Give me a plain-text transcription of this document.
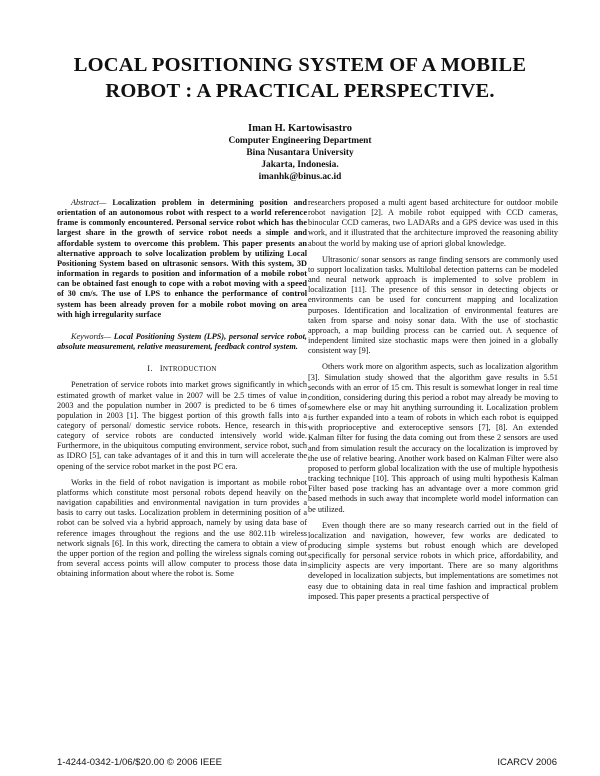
LOCAL POSITIONING SYSTEM OF A MOBILE
ROBOT : A PRACTICAL PERSPECTIVE.
Iman H. Kartowisastro
Computer Engineering Department
Bina Nusantara University
Jakarta, Indonesia.
imanhk@binus.ac.id

Abstract— Localization problem in determining position and orientation of an autonomous robot with respect to a world reference frame is commonly encountered. Personal service robot which has the largest share in the growth of service robot needs a simple and affordable system to overcome this problem. This paper presents an alternative approach to solve localization problem by utilizing Local Positioning System based on ultrasonic sensors. With this system, 3D information in regards to position and information of a mobile robot can be obtained fast enough to cope with a robot moving with a speed of 30 cm/s. The use of LPS to enhance the performance of control system has been already proven for a mobile robot moving on area with high irregularity surface

Keywords— Local Positioning System (LPS), personal service robot, absolute measurement, relative measurement, feedback control system.

I. INTRODUCTION

Penetration of service robots into market grows significantly in which estimated growth of market value in 2007 will be 2.5 times of value in 2003 and the population number in 2007 is predicted to be 6 times of population in 2003 [1]. The biggest portion of this growth falls into a category of personal/ domestic service robots. Hence, research in this category of service robots are conducted intensively world wide. Furthermore, in the ubiquitous computing environment, service robot, such as IDRO [5], can take advantages of it and this in turn will accelerate the opening of the service robot market in the post PC era.

Works in the field of robot navigation is important as mobile robot platforms which constitute most personal robots depend heavily on the navigation capabilities and environmental navigation in turn provides a basis to carry out tasks. Localization problem in determining position of a robot can be solved via a hybrid approach, namely by using data base of reference images throughout the regions and the use 802.11b wireless network signals [6]. In this work, directing the camera to obtain a view of the upper portion of the region and polling the wireless signals coming out from several access points will allow computer to process those data in obtaining information about where the robot is. Some

researchers proposed a multi agent based architecture for outdoor mobile robot navigation [2]. A mobile robot equipped with CCD cameras, binocular CCD cameras, two LADARs and a GPS device was used in this work, and it illustrated that the architecture improved the reasoning ability about the world by making use of apriori global knowledge.

Ultrasonic/ sonar sensors as range finding sensors are commonly used to support localization tasks. Multilobal detection patterns can be modeled and neural network approach is implemented to solve problem in localization [11]. The presence of this sensor in detecting objects or environments can be used for concurrent mapping and localization purposes. Identification and localization of environmental features are taken from sparse and noisy sonar data. With the use of stochastic approach, a map building process can be carried out. A sequence of independent limited size stochastic maps were then joined in a globally consistent way [9].

Others work more on algorithm aspects, such as localization algorithm [3]. Simulation study showed that the algorithm gave results in 5.51 seconds with an error of 15 cm. This result is somewhat longer in real time condition, considering during this period a robot may already be moving to somewhere else or may hit anything surrounding it. Localization problem is further expanded into a team of robots in which each robot is equipped with proprioceptive and exteroceptive sensors [7], [8]. An extended Kalman filter for fusing the data coming out from these 2 sensors are used and from simulation result the accuracy on the localization is improved by the use of relative bearing. Another work based on Kalman Filter were also proposed to perform global localization with the use of multiple hypothesis tracking technique [10]. This approach of using multi hypothesis Kalman Filter based pose tracking has an advantage over a more common grid based methods in such away that incomplete world model information can be utilized.

Even though there are so many research carried out in the field of localization and navigation, however, few works are dedicated to producing simple systems but robust enough which are developed specifically for personal service robots in which price, affordability, and simplicity aspects are very important. There are so many algorithms developed in localization subjects, but implementations are sometimes not easy due to obtaining data in real time fashion and impractical problem imposed. This paper presents a practical perspective of

1-4244-0342-1/06/$20.00 © 2006 IEEE	ICARCV 2006
